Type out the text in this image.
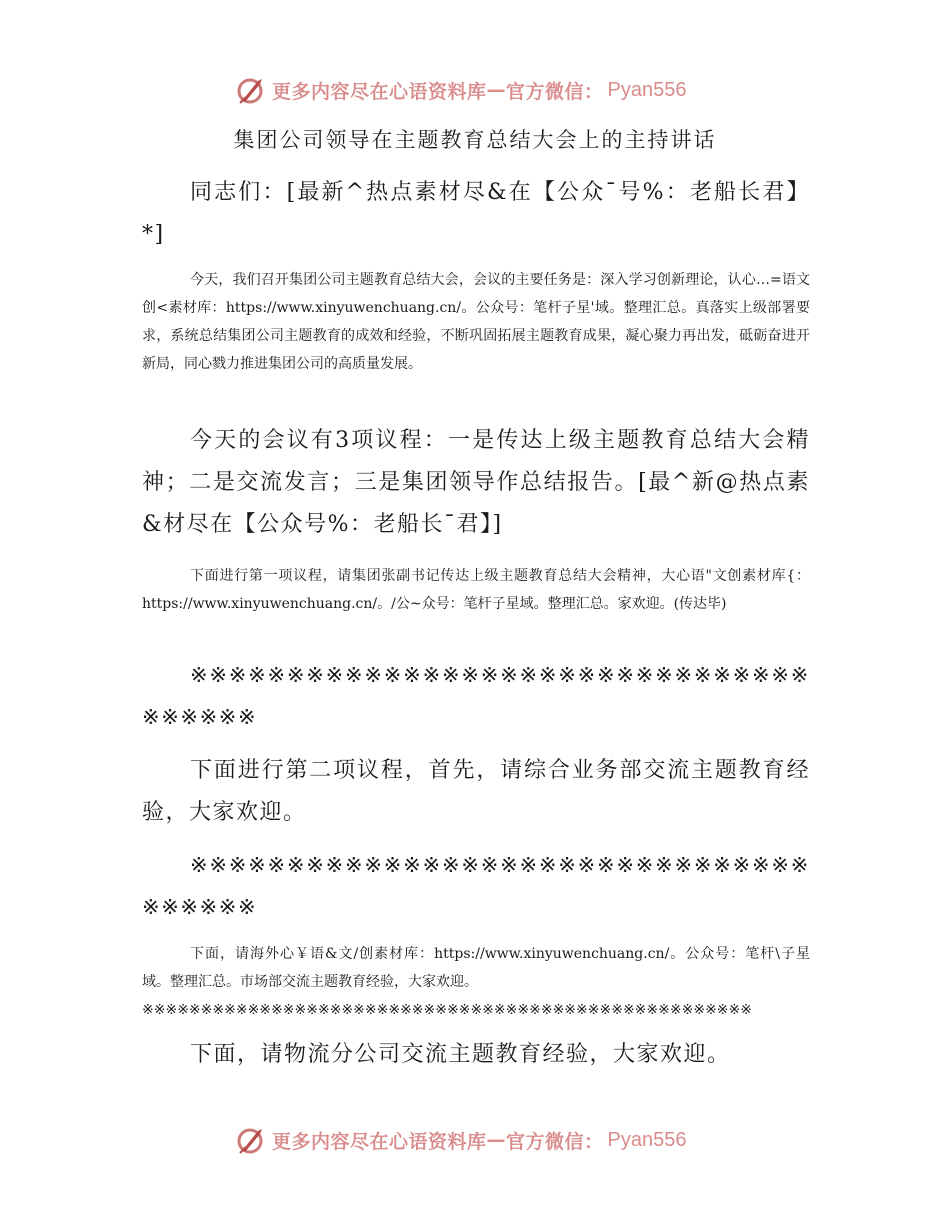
更多内容尽在心语资料库 — 官方微信： Pyan556
集团公司领导在主题教育总结大会上的主持讲话

同志们：[最新^热点素材尽&在【公众¯号%：老船长君】*]

今天，我们召开集团公司主题教育总结大会，会议的主要任务是：深入学习创新理论，认心…=语文创<素材库：https://www.xinyuwenchuang.cn/。公众号：笔杆子星'域。整理汇总。真落实上级部署要求，系统总结集团公司主题教育的成效和经验，不断巩固拓展主题教育成果，凝心聚力再出发，砥砺奋进开新局，同心戮力推进集团公司的高质量发展。

今天的会议有3项议程：一是传达上级主题教育总结大会精神；二是交流发言；三是集团领导作总结报告。[最^新@热点素&材尽在【公众号%：老船长¯君】]

下面进行第一项议程，请集团张副书记传达上级主题教育总结大会精神，大心语"文创素材库{：https://www.xinyuwenchuang.cn/。/公~众号：笔杆子星域。整理汇总。家欢迎。(传达毕)

※※※※※※※※※※※※※※※※※※※※※※※※※※※※※※※※※※※※※※

下面进行第二项议程，首先，请综合业务部交流主题教育经验，大家欢迎。

※※※※※※※※※※※※※※※※※※※※※※※※※※※※※※※※※※※※※※

下面，请海外心￥语&文/创素材库：https://www.xinyuwenchuang.cn/。公众号：笔杆\子星域。整理汇总。市场部交流主题教育经验，大家欢迎。

※※※※※※※※※※※※※※※※※※※※※※※※※※※※※※※※※※※※※※※※※※※※※※※※※※※※

下面，请物流分公司交流主题教育经验，大家欢迎。

更多内容尽在心语资料库 — 官方微信： Pyan556
